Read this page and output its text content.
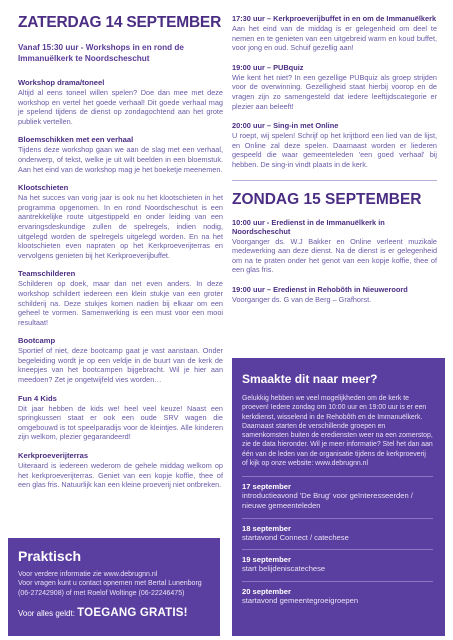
ZATERDAG 14 SEPTEMBER
Vanaf 15:30 uur - Workshops in en rond de Immanuëlkerk te Noordscheschut
Workshop drama/toneel

Altijd al eens toneel willen spelen? Doe dan mee met deze workshop en vertel het goede verhaal! Dit goede verhaal mag je spelend tijdens de dienst op zondagochtend aan het grote publiek vertellen.

Bloemschikken met een verhaal

Tijdens deze workshop gaan we aan de slag met een verhaal, onderwerp, of tekst, welke je uit wilt beelden in een bloemstuk. Aan het eind van de workshop mag je het boeketje meenemen.

Klootschieten

Na het succes van vorig jaar is ook nu het klootschieten in het programma opgenomen. In en rond Noordscheschut is een aantrekkelijke route uitgestippeld en onder leiding van een ervaringsdeskundige zullen de spelregels, indien nodig, uitgelegd worden de spelregels uitgelegd worden. En na het klootschieten even napraten op het Kerkproeverijterras en vervolgens genieten bij het Kerkproeverijbuffet.

Teamschilderen

Schilderen op doek, maar dan net even anders. In deze workshop schildert iedereen een klein stukje van een groter schilderij na. Deze stukjes komen nadien bij elkaar om een geheel te vormen. Samenwerking is een must voor een mooi resultaat!

Bootcamp

Sportief of niet, deze bootcamp gaat je vast aanstaan. Onder begeleiding wordt je op een veldje in de buurt van de kerk de kneepjes van het bootcampen bijgebracht. Wil je hier aan meedoen? Zet je ongetwijfeld vies worden…

Fun 4 Kids

Dit jaar hebben de kids we! heel veel keuze! Naast een springkussen staat er ook een oude SRV wagen die omgebouwd is tot speelparadijs voor de kleintjes. Alle kinderen zijn welkom, plezier gegarandeerd!

Kerkproeverijterras

Uiteraard is iedereen wederom de gehele middag welkom op het kerkproeverijterras. Geniet van een kopje koffie, thee of een glas fris. Natuurlijk kan een kleine proeverij niet ontbreken.

Praktisch

Voor verdere informatie zie www.debrugnn.nl

Voor vragen kunt u contact opnemen met Bertal Lunenborg (06-27242908) of met Roelof Woltinge (06-22246475)

Voor alles geldt: TOEGANG GRATIS!
17:30 uur – Kerkproeverijbuffet in en om de Immanuëlkerk

Aan het eind van de middag is er gelegenheid om deel te nemen en te genieten van een uitgebreid warm en koud buffet, voor jong en oud. Schuif gezellig aan!

19:00 uur – PUBquiz

Wie kent het niet? In een gezellige PUBquiz als groep strijden voor de overwinning. Gezelligheid staat hierbij voorop en de vragen zijn zo samengesteld dat iedere leeftijdscategorie er plezier aan beleeft!

20:00 uur – Sing-in met Online

U roept, wij spelen! Schrijf op het krijtbord een lied van de lijst, en Online zal deze spelen. Daarnaast worden er liederen gespeeld die waar gemeenteleden 'een goed verhaal' bij hebben. De sing-in vindt plaats in de kerk.

ZONDAG 15 SEPTEMBER
10:00 uur - Eredienst in de Immanuëlkerk in Noordscheschut

Voorganger ds. W.J Bakker en Online verleent muzikale medewerking aan deze dienst. Na de dienst is er gelegenheid om na te praten onder het genot van een kopje koffie, thee of een glas fris.

19:00 uur – Eredienst in Rehobôth in Nieuweroord

Voorganger ds. G van de Berg – Grafhorst.

Smaakte dit naar meer?
Gelukkig hebben we veel mogelijkheden om de kerk te proeven! Iedere zondag om 10:00 uur en 19:00 uur is er een kerkdienst, wisselend in de Rehobôth en de Immanuëlkerk. Daarnaast starten de verschillende groepen en samenkomsten buiten de erediensten weer na een zomerstop, zie de data hieronder. Wil je meer informatie? Stel het dan aan één van de leden van de organisatie tijdens de kerkproeverij of kijk op onze website: www.debrugnn.nl
17 september
introductieavond 'De Brug' voor geïnteresseerden / nieuwe gemeenteleden
18 september
startavond Connect / catechese
19 september
start belijdeniscatechese
20 september
startavond gemeentegroeigroepen
